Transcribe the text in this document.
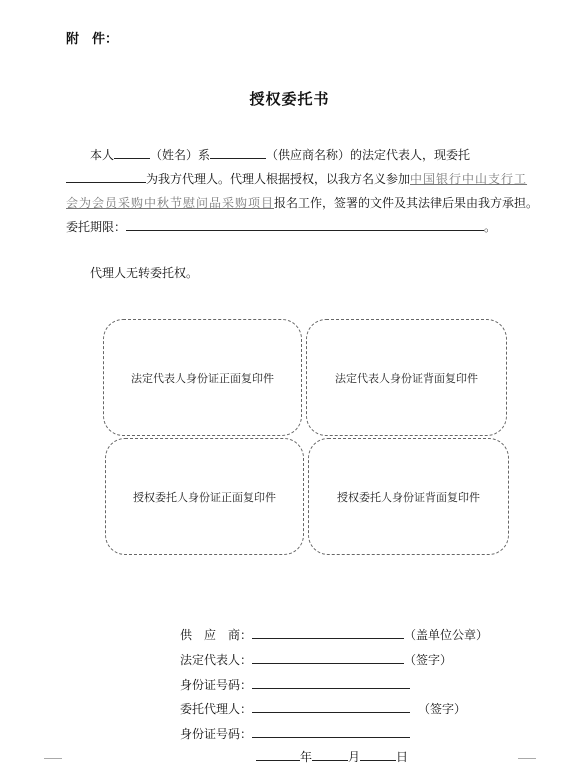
附　件：
授权委托书
本人	（姓名）系	（供应商名称）的法定代表人，现委托
为我方代理人。代理人根据授权，以我方名义参加中国银行中山支行工
会为会员采购中秋节慰问品采购项目报名工作，签署的文件及其法律后果由我方承担。
委托期限：	。
代理人无转委托权。
法定代表人身份证正面复印件	法定代表人身份证背面复印件
授权委托人身份证正面复印件	授权委托人身份证背面复印件
供　应　商：	（盖单位公章）
法定代表人：	（签字）
身份证号码：
委托代理人：	（签字）
身份证号码：
年	月	日
